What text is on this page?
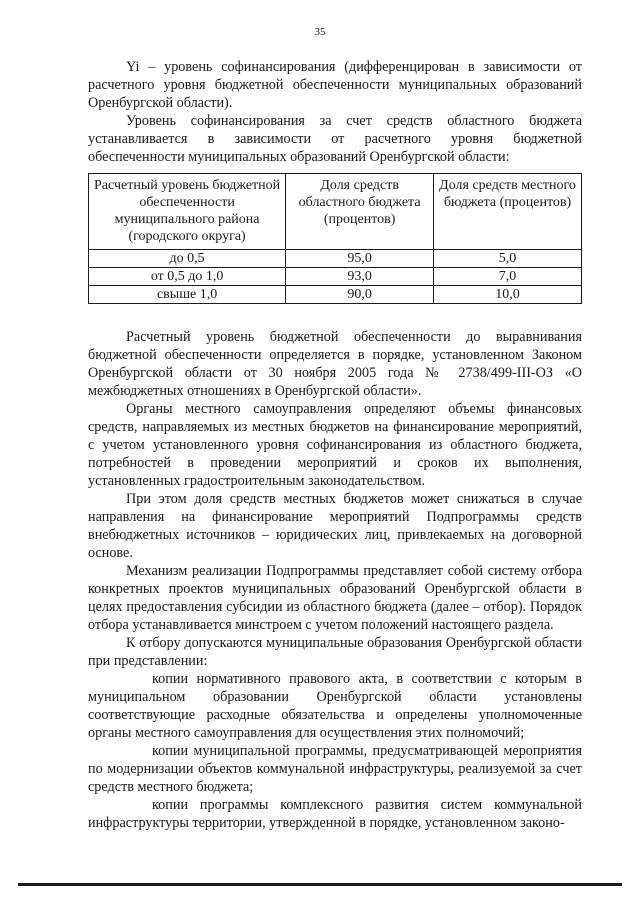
35

Yi – уровень софинансирования (дифференцирован в зависимости от расчетного уровня бюджетной обеспеченности муниципальных образований Оренбургской области).

Уровень софинансирования за счет средств областного бюджета устанавливается в зависимости от расчетного уровня бюджетной обеспеченности муниципальных образований Оренбургской области:

Расчетный уровень бюджетной обеспеченности муниципального района (городского округа)	Доля средств областного бюджета (процентов)	Доля средств местного бюджета (процентов)
до 0,5	95,0	5,0
от 0,5 до 1,0	93,0	7,0
свыше 1,0	90,0	10,0

Расчетный уровень бюджетной обеспеченности до выравнивания бюджетной обеспеченности определяется в порядке, установленном Законом Оренбургской области от 30 ноября 2005 года № 2738/499-III-ОЗ «О межбюджетных отношениях в Оренбургской области».

Органы местного самоуправления определяют объемы финансовых средств, направляемых из местных бюджетов на финансирование мероприятий, с учетом установленного уровня софинансирования из областного бюджета, потребностей в проведении мероприятий и сроков их выполнения, установленных градостроительным законодательством.

При этом доля средств местных бюджетов может снижаться в случае направления на финансирование мероприятий Подпрограммы средств внебюджетных источников – юридических лиц, привлекаемых на договорной основе.

Механизм реализации Подпрограммы представляет собой систему отбора конкретных проектов муниципальных образований Оренбургской области в целях предоставления субсидии из областного бюджета (далее – отбор). Порядок отбора устанавливается минстроем с учетом положений настоящего раздела.

К отбору допускаются муниципальные образования Оренбургской области при представлении:

копии нормативного правового акта, в соответствии с которым в муниципальном образовании Оренбургской области установлены соответствующие расходные обязательства и определены уполномоченные органы местного самоуправления для осуществления этих полномочий;

копии муниципальной программы, предусматривающей мероприятия по модернизации объектов коммунальной инфраструктуры, реализуемой за счет средств местного бюджета;

копии программы комплексного развития систем коммунальной инфраструктуры территории, утвержденной в порядке, установленном законо-
